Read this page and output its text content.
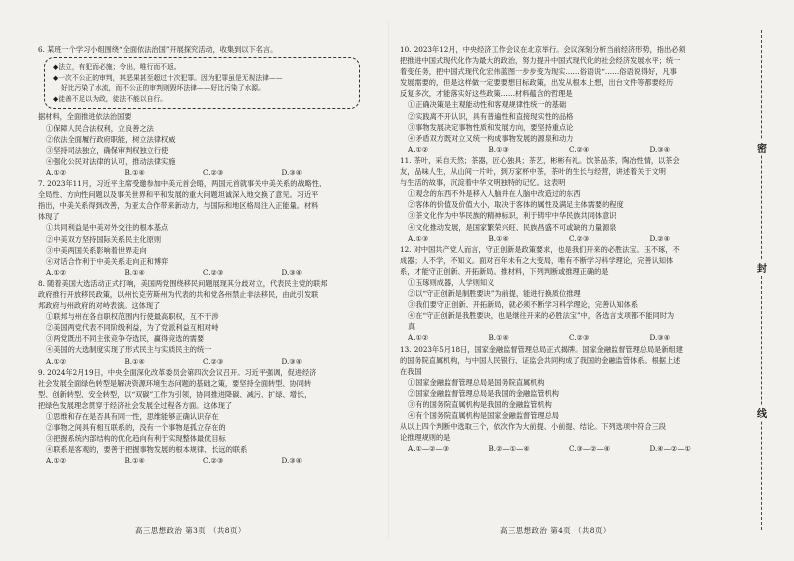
6. 某班一个学习小组围绕“全面依法治国”开展探究活动，收集到以下名言。

◆法立，有犯而必施；令出，唯行而不返。

◆一次不公正的审判，其恶果甚至超过十次犯罪。因为犯罪虽是无视法律——

好比污染了水流，而不公正的审判则毁坏法律——好比污染了水源。

◆徒善不足以为政，徒法不能以自行。

据材料，全面推进依法治国要

①保障人民合法权利，立良善之法

②依法全面履行政府职能，树立法律权威

③坚持司法独立，确保审判权独立行使

④强化公民对法律的认可，推动法律实施

A.①②	B.①④	C.②③	D.③④

7. 2023年11月，习近平主席受邀参加中美元首会晤，两国元首就事关中美关系的战略性、

全局性、方向性问题以及事关世界和平和发展的重大问题坦诚深入地交换了意见。习近平

指出，中美关系得到改善，为亚太合作带来新动力，与国际和地区格局注入正能量。材料

体现了

①共同利益是中美对外交往的根本基点

②中美双方坚持国际关系民主化原则

③中美两国关系影响着世界走向

④对话合作利于中美关系走向正和博弈

A.①②	B.①④	C.②③	D.③④

8. 随着美国大选活动正式打响，美国两党围绕移民问题展现其分歧对立，代表民主党的联邦

政府推行开放移民政策，以州长克劳斯州为代表的共和党各州禁止非法移民，由此引发联

邦政府与州政府的对峙表演。这体现了

①联邦与州在各自职权范围内行使最高职权，互不干涉

②美国两党代表不同阶级利益，为了党派利益互相对峙

③两党既出不同主张竞争夺选民，赢得竞选的需要

④美国的大选制度实现了形式民主与实质民主的统一

A.①②	B.①④	C.②③	D.③④

9. 2024年2月19日，中央全面深化改革委员会第四次会议召开。习近平强调，促进经济

社会发展全面绿色转型是解决资源环境生态问题的基础之策，要坚持全面转型、协同转

型、创新转型、安全转型，以“双碳”工作为引领，协同推进降碳、减污、扩绿、增长，

把绿色发展理念贯穿于经济社会发展全过程各方面。这体现了

①思维和存在是否具有同一性，思维能够正确认识存在

②事物之间具有相互联系的，没有一个事物是孤立存在的

③把握系统内部结构的优化趋向有利于实现整体最优目标

④联系是客观的，要善于把握事物发展的根本规律、长远的联系

A.①②	B.①④	C.②③	D.③④
高三思想政治 第3页 （共8页）

10. 2023年12月，中央经济工作会议在北京举行。会议深刻分析当前经济形势，指出必须

把推进中国式现代化作为最大的政治，努力提升中国式现代化的社会经济发展水平；统一

着变任务，把中国式现代化宏伟蓝图一步步变为现实……俗语说“……俗语说得好，凡事

发展需要的，但是这样做一定要要想目标政策，出发从根本上想，出台文件等都要经历

反复多次，才能落实好这些政策……材料蕴含的哲理是

①正确决策是主观能动性和客观规律性统一的基础

②实践离不开认识，具有普遍性和直接现实性的品格

③事物发展决定事物性质和发展方向，要坚持重点论

④矛盾双方既对立又统一构成事物发展的源泉和动力

A.①②	B.①③	C.②④	D.③④

11. 茶叶，采自天然；茶器，匠心独具；茶艺，彬彬有礼。饮茶品茶，陶冶性情，以茶会

友，品味人生，从山间一片叶，到万家杯中茶，茶叶的生长与经营，讲述着关于文明

与生活的故事，沉淀着中华文明独特的记忆。这表明

①观念的东西不外是移入人脑并在人脑中改造过的东西

②客体的价值及价值大小，取决于客体的属性及满足主体需要的程度

③茶文化作为中华民族的精神标识，利于铸牢中华民族共同体意识

④文化推动发展，是国家繁荣兴旺、民族昌盛不可或缺的力量源泉

A.①③	B.①④	C.②③	D.②④

12. 对中国共产党人而言，守正创新是政策要求，也是我们开来的必胜法宝。玉不琢，不

成器；人不学，不知义。面对百年未有之大变局，唯有不断学习科学理论，完善认知体

系，才能守正创新、开拓新局。推材料，下列判断或推理正确的是

①玉琢则成器，人学则知义

②以“守正创新是制胜要诀”为前提，能进行换质位推理

③我们要守正创新、开拓新局，就必须不断学习科学理论，完善认知体系

④在“守正创新是我胜要诀，也是继往开来的必胜法宝”中，各选言支项都不能同时为

真

A.①②	B.①④	C.②③	D.③④

13. 2023年5月18日，国家金融监督管理总局正式揭牌。国家金融监督管理总局是新组建

的国务院直属机构，与中国人民银行、证监会共同构成了我国的金融监管体系。根据上述

在我国

①国家金融监督管理总局是国务院直属机构

②国家金融监督管理总局是我国的金融监管机构

③有的国务院直属机构是我国的金融监管机构

④有个国务院直属机构是国家金融监督管理总局

从以上四个判断中选取三个，依次作为大前提、小前提、结论。下列选项中符合三段

论推理规则的是

A.①—②—③	B.②—①—④	C.③—②—④	D.④—②—①
高三思想政治 第4页 （共8页）
密
封
线
